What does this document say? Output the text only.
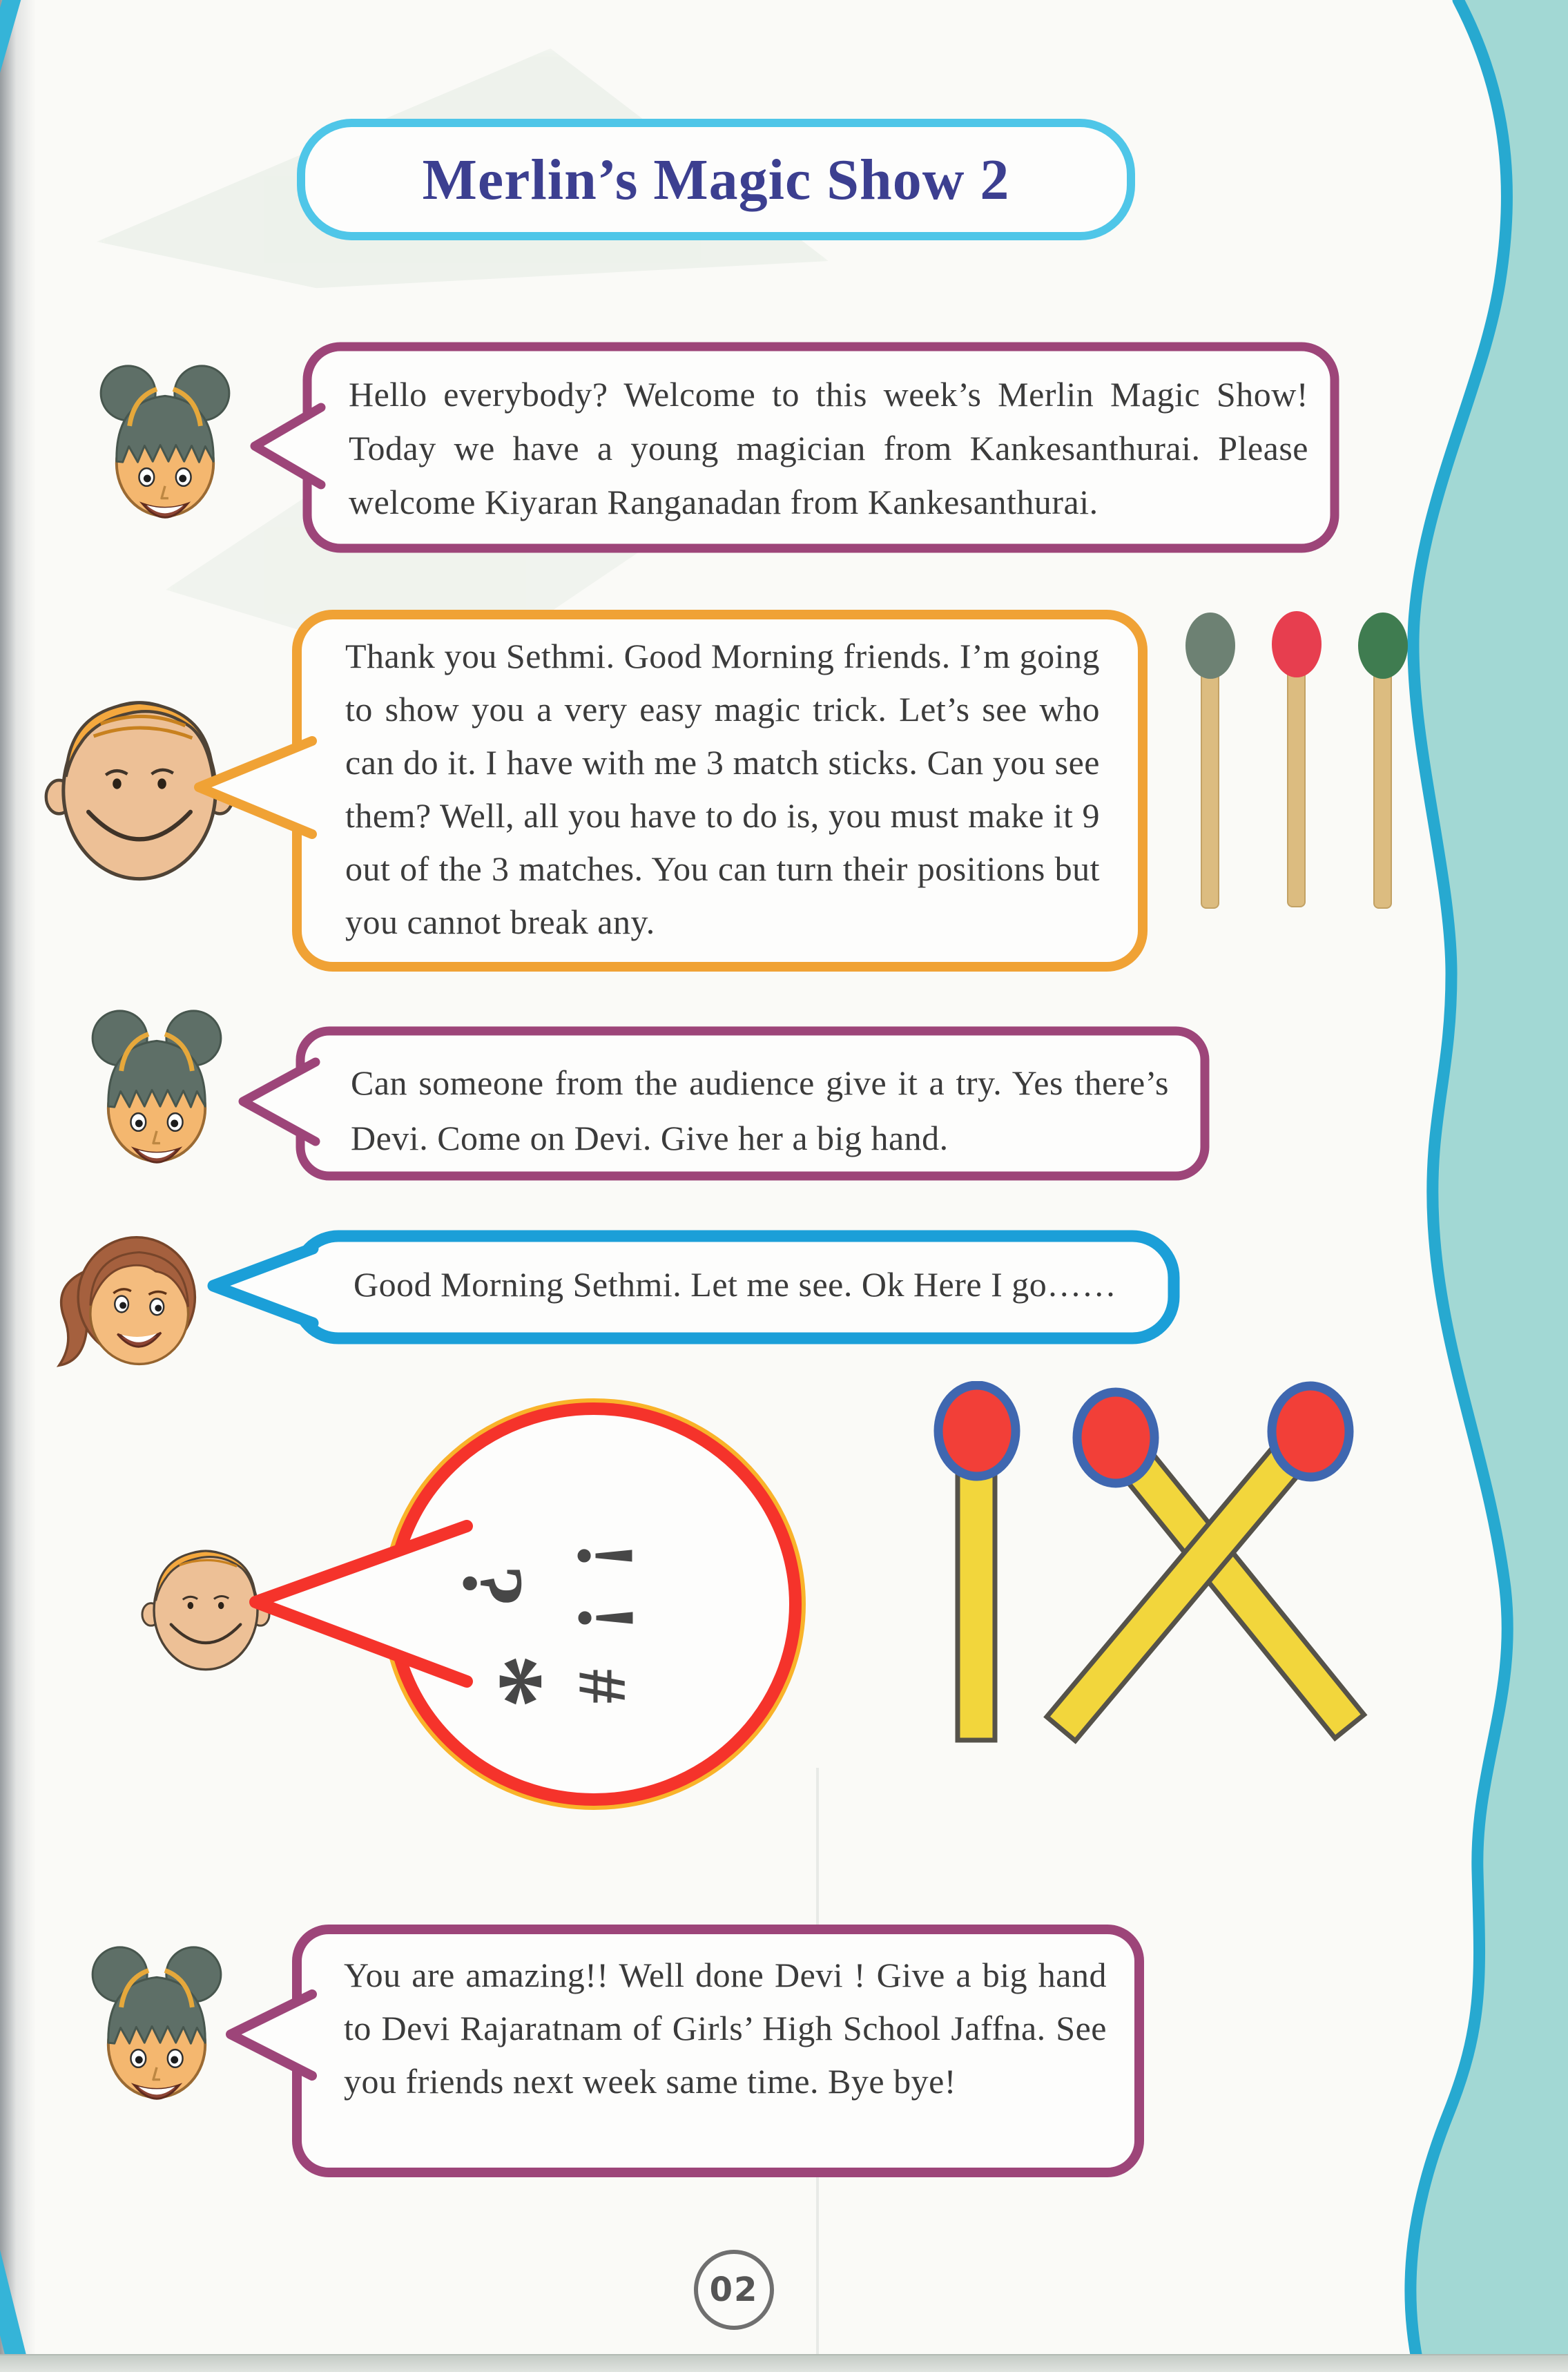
Merlin’s Magic Show 2
Hello everybody? Welcome to this week’s Merlin Magic Show! Today we have a young magician from Kankesanthurai. Please welcome Kiyaran Ranganadan from Kankesanthurai.
Thank you Sethmi. Good Morning friends. I’m going to show you a very easy magic trick. Let’s see who can do it. I have with me 3 match sticks. Can you see them? Well, all you have to do is, you must make it 9 out of the 3 matches. You can turn their positions but you cannot break any.
Can someone from the audience give it a try. Yes there’s Devi. Come on Devi. Give her a big hand.
Good Morning Sethmi. Let me see. Ok Here I go……
?
!
!
*
#
You are amazing!! Well done Devi ! Give a big hand to Devi Rajaratnam of Girls’ High School Jaffna. See you friends next week same time. Bye bye!
02
